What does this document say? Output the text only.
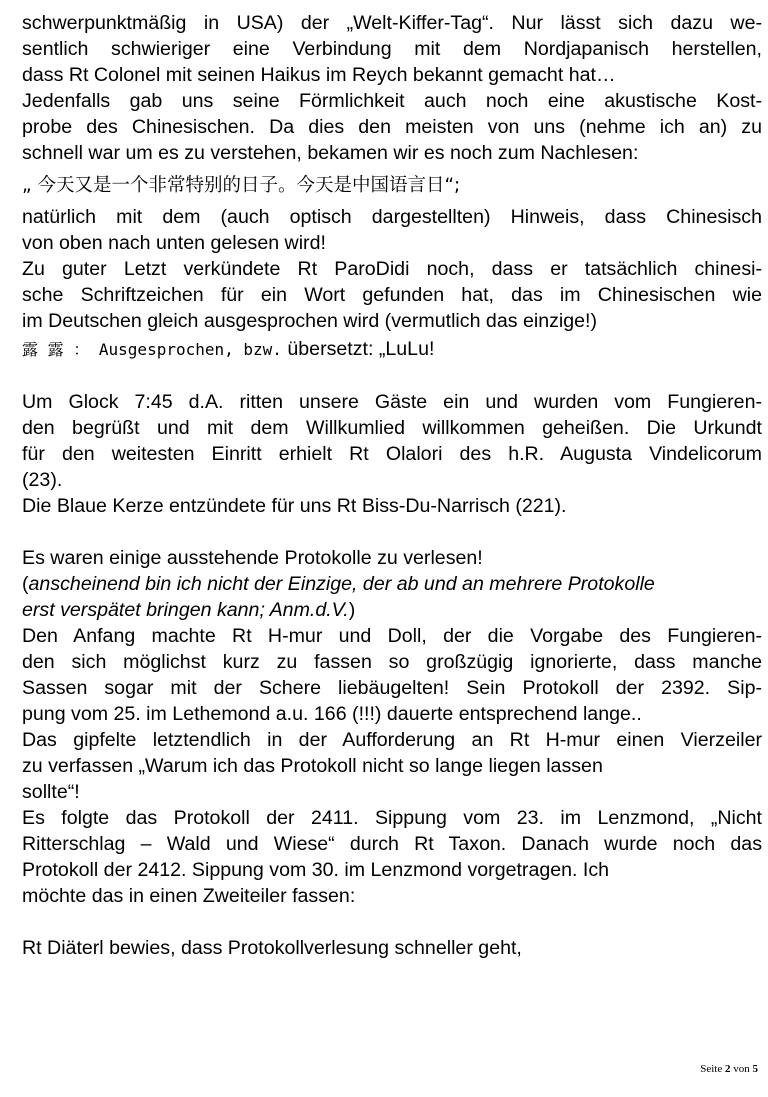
schwerpunktmäßig in USA) der „Welt-Kiffer-Tag“. Nur lässt sich dazu we-
sentlich schwieriger eine Verbindung mit dem Nordjapanisch herstellen,
dass Rt Colonel mit seinen Haikus im Reych bekannt gemacht hat…
Jedenfalls gab uns seine Förmlichkeit auch noch eine akustische Kost-
probe des Chinesischen. Da dies den meisten von uns (nehme ich an) zu
schnell war um es zu verstehen, bekamen wir es noch zum Nachlesen:
„ 今天又是一个非常特别的日子。今天是中国语言日“;
natürlich mit dem (auch optisch dargestellten) Hinweis, dass Chinesisch
von oben nach unten gelesen wird!
Zu guter Letzt verkündete Rt ParoDidi noch, dass er tatsächlich chinesi-
sche Schriftzeichen für ein Wort gefunden hat, das im Chinesischen wie
im Deutschen gleich ausgesprochen wird (vermutlich das einzige!)
露 露 ： Ausgesprochen, bzw. übersetzt: „LuLu!
Um Glock 7:45 d.A. ritten unsere Gäste ein und wurden vom Fungieren-
den begrüßt und mit dem Willkumlied willkommen geheißen. Die Urkundt
für den weitesten Einritt erhielt Rt Olalori des h.R. Augusta Vindelicorum
(23).
Die Blaue Kerze entzündete für uns Rt Biss-Du-Narrisch (221).
Es waren einige ausstehende Protokolle zu verlesen!
(anscheinend bin ich nicht der Einzige, der ab und an mehrere Protokolle
erst verspätet bringen kann; Anm.d.V.)
Den Anfang machte Rt H-mur und Doll, der die Vorgabe des Fungieren-
den sich möglichst kurz zu fassen so großzügig ignorierte, dass manche
Sassen sogar mit der Schere liebäugelten! Sein Protokoll der 2392. Sip-
pung vom 25. im Lethemond a.u. 166 (!!!) dauerte entsprechend lange..
Das gipfelte letztendlich in der Aufforderung an Rt H-mur einen Vierzeiler
zu verfassen „Warum ich das Protokoll nicht so lange liegen lassen
sollte“!
Es folgte das Protokoll der 2411. Sippung vom 23. im Lenzmond, „Nicht
Ritterschlag – Wald und Wiese“ durch Rt Taxon. Danach wurde noch das
Protokoll der 2412. Sippung vom 30. im Lenzmond vorgetragen. Ich
möchte das in einen Zweiteiler fassen:
Rt Diäterl bewies, dass Protokollverlesung schneller geht,
Seite 2 von 5
